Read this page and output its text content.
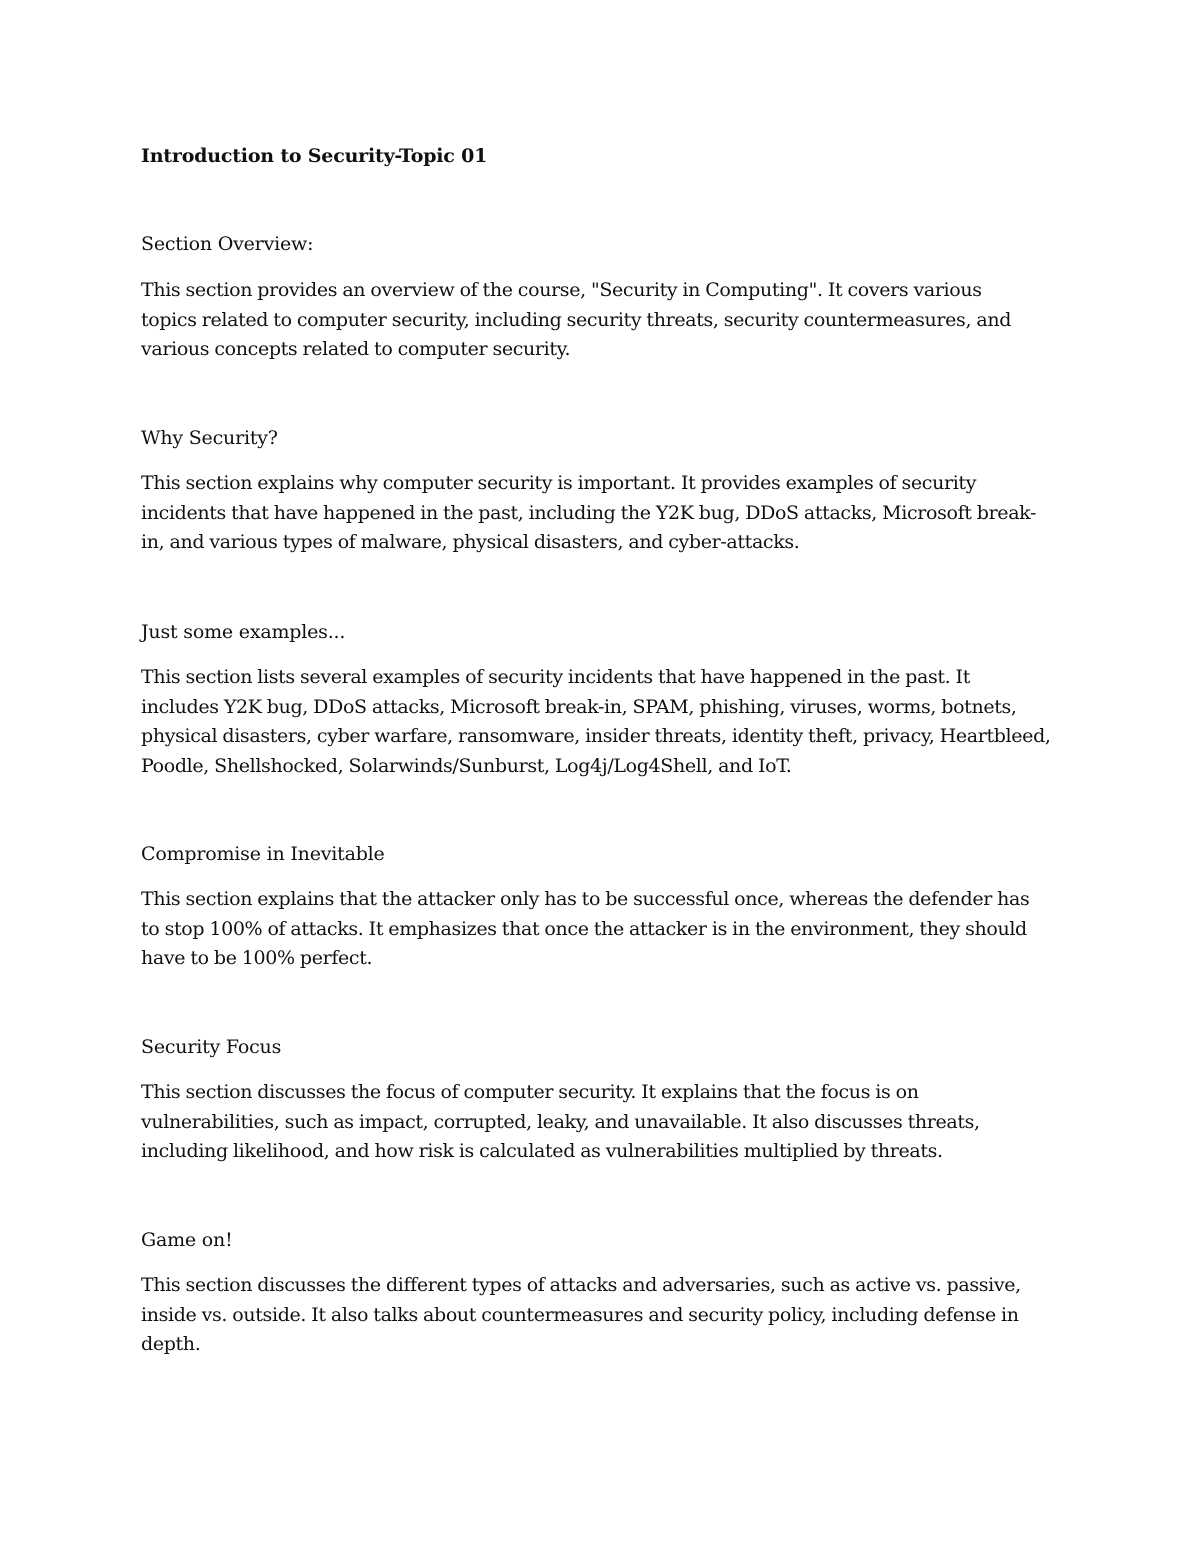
Introduction to Security-Topic 01
Section Overview:

This section provides an overview of the course, "Security in Computing". It covers various
topics related to computer security, including security threats, security countermeasures, and
various concepts related to computer security.

Why Security?

This section explains why computer security is important. It provides examples of security
incidents that have happened in the past, including the Y2K bug, DDoS attacks, Microsoft break-
in, and various types of malware, physical disasters, and cyber-attacks.

Just some examples...

This section lists several examples of security incidents that have happened in the past. It
includes Y2K bug, DDoS attacks, Microsoft break-in, SPAM, phishing, viruses, worms, botnets,
physical disasters, cyber warfare, ransomware, insider threats, identity theft, privacy, Heartbleed,
Poodle, Shellshocked, Solarwinds/Sunburst, Log4j/Log4Shell, and IoT.

Compromise in Inevitable

This section explains that the attacker only has to be successful once, whereas the defender has
to stop 100% of attacks. It emphasizes that once the attacker is in the environment, they should
have to be 100% perfect.

Security Focus

This section discusses the focus of computer security. It explains that the focus is on
vulnerabilities, such as impact, corrupted, leaky, and unavailable. It also discusses threats,
including likelihood, and how risk is calculated as vulnerabilities multiplied by threats.

Game on!

This section discusses the different types of attacks and adversaries, such as active vs. passive,
inside vs. outside. It also talks about countermeasures and security policy, including defense in
depth.
